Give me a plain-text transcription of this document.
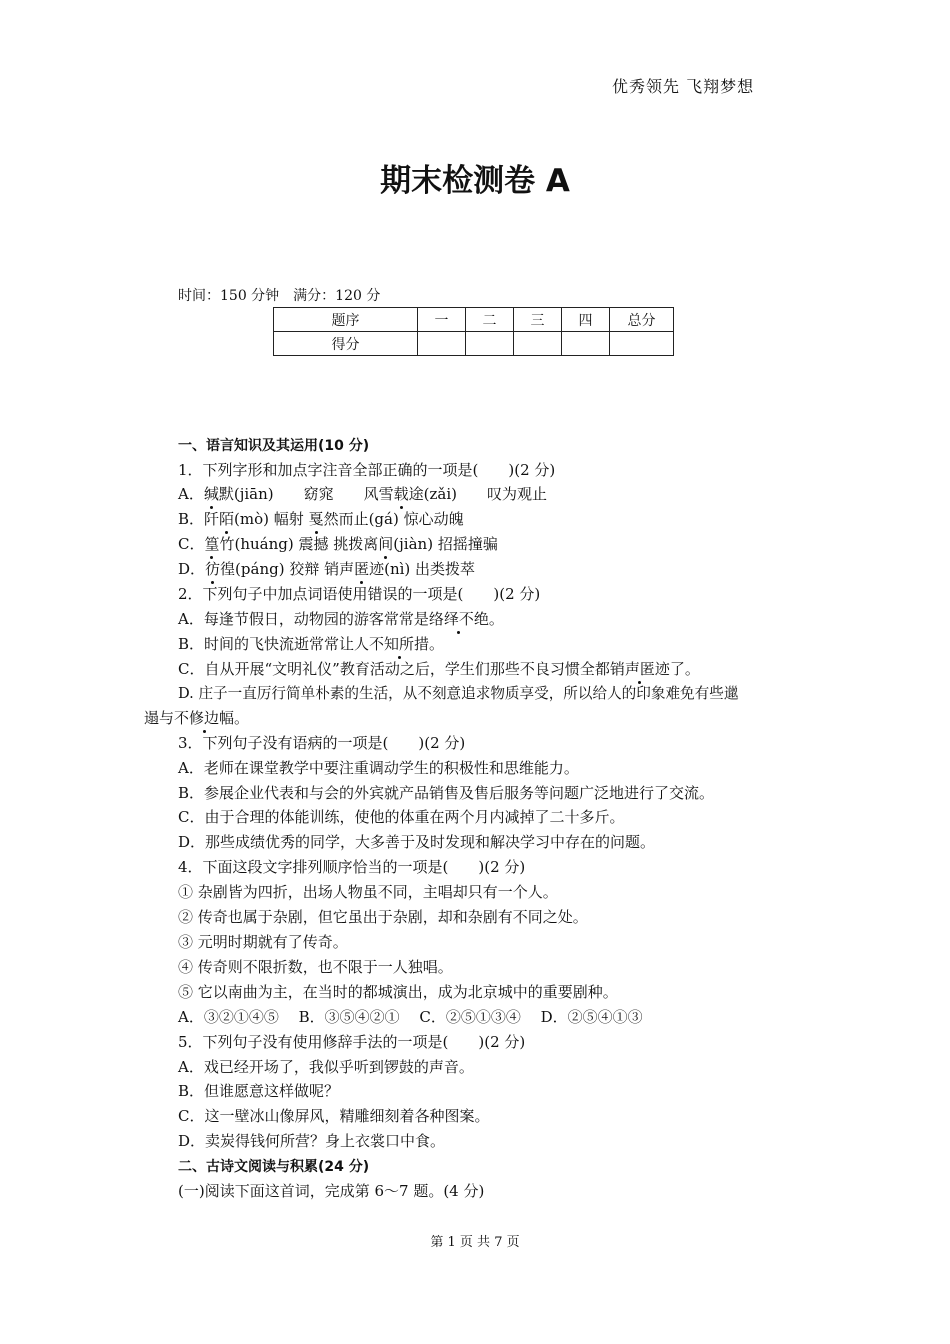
优秀领先 飞翔梦想
期末检测卷 A
时间：150 分钟　满分：120 分
题序	一	二	三	四	总分
得分					
一、语言知识及其运用(10 分)
1．下列字形和加点字注音全部正确的一项是(　　)(2 分)
A．缄默(jiān)　　窈窕　　风雪载途(zǎi)　　叹为观止
B．阡陌(mò) 幅射 戛然而止(gá) 惊心动魄
C．篁竹(huáng) 震撼 挑拨离间(jiàn) 招摇撞骗
D．彷徨(páng) 狡辩 销声匿迹(nì) 出类拨萃
2．下列句子中加点词语使用错误的一项是(　　)(2 分)
A．每逢节假日，动物园的游客常常是络绎不绝。
B．时间的飞快流逝常常让人不知所措。
C．自从开展“文明礼仪”教育活动之后，学生们那些不良习惯全都销声匿迹了。
D. 庄子一直厉行简单朴素的生活，从不刻意追求物质享受，所以给人的印象难免有些邋
遢与不修边幅。
3．下列句子没有语病的一项是(　　)(2 分)
A．老师在课堂教学中要注重调动学生的积极性和思维能力。
B．参展企业代表和与会的外宾就产品销售及售后服务等问题广泛地进行了交流。
C．由于合理的体能训练，使他的体重在两个月内减掉了二十多斤。
D．那些成绩优秀的同学，大多善于及时发现和解决学习中存在的问题。
4．下面这段文字排列顺序恰当的一项是(　　)(2 分)
① 杂剧皆为四折，出场人物虽不同，主唱却只有一个人。
② 传奇也属于杂剧，但它虽出于杂剧，却和杂剧有不同之处。
③ 元明时期就有了传奇。
④ 传奇则不限折数，也不限于一人独唱。
⑤ 它以南曲为主，在当时的都城演出，成为北京城中的重要剧种。
A．③②①④⑤　 B．③⑤④②①　 C．②⑤①③④　 D．②⑤④①③
5．下列句子没有使用修辞手法的一项是(　　)(2 分)
A．戏已经开场了，我似乎听到锣鼓的声音。
B．但谁愿意这样做呢？
C．这一壁冰山像屏风，精雕细刻着各种图案。
D．卖炭得钱何所营？身上衣裳口中食。
二、古诗文阅读与积累(24 分)
(一)阅读下面这首词，完成第 6～7 题。(4 分)
第 1 页 共 7 页
